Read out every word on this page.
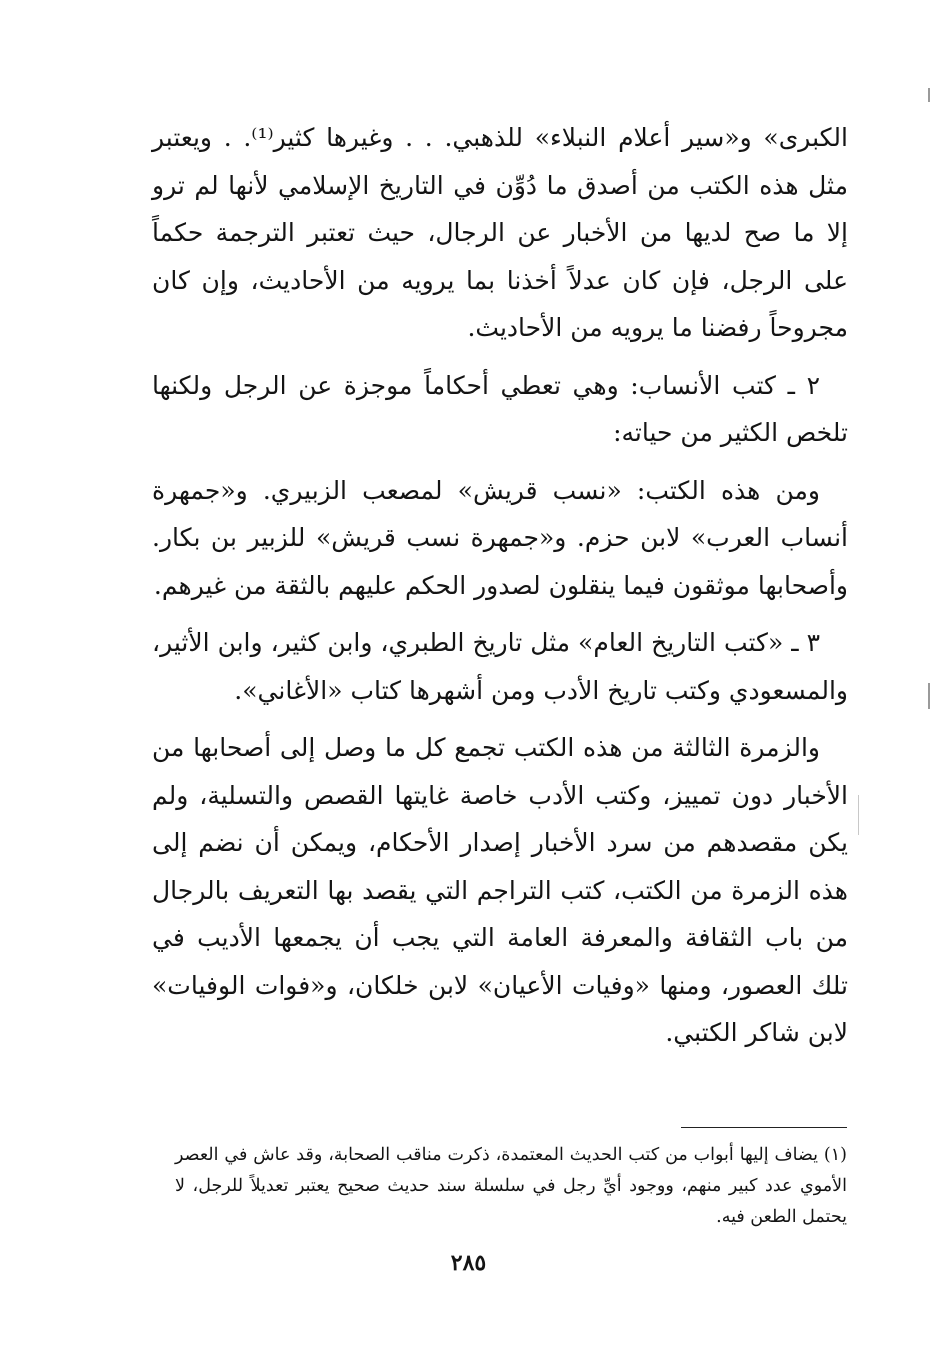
الكبرى» و«سير أعلام النبلاء» للذهبي. . . وغيرها كثير⁽¹⁾. . ويعتبر مثل هذه الكتب من أصدق ما دُوِّن في التاريخ الإسلامي لأنها لم ترو إلا ما صح لديها من الأخبار عن الرجال، حيث تعتبر الترجمة حكماً على الرجل، فإن كان عدلاً أخذنا بما يرويه من الأحاديث، وإن كان مجروحاً رفضنا ما يرويه من الأحاديث.

٢ ـ كتب الأنساب: وهي تعطي أحكاماً موجزة عن الرجل ولكنها تلخص الكثير من حياته:

ومن هذه الكتب: «نسب قريش» لمصعب الزبيري. و«جمهرة أنساب العرب» لابن حزم. و«جمهرة نسب قريش» للزبير بن بكار. وأصحابها موثقون فيما ينقلون لصدور الحكم عليهم بالثقة من غيرهم.

٣ ـ «كتب التاريخ العام» مثل تاريخ الطبري، وابن كثير، وابن الأثير، والمسعودي وكتب تاريخ الأدب ومن أشهرها كتاب «الأغاني».

والزمرة الثالثة من هذه الكتب تجمع كل ما وصل إلى أصحابها من الأخبار دون تمييز، وكتب الأدب خاصة غايتها القصص والتسلية، ولم يكن مقصدهم من سرد الأخبار إصدار الأحكام، ويمكن أن نضم إلى هذه الزمرة من الكتب، كتب التراجم التي يقصد بها التعريف بالرجال من باب الثقافة والمعرفة العامة التي يجب أن يجمعها الأديب في تلك العصور، ومنها «وفيات الأعيان» لابن خلكان، و«فوات الوفيات» لابن شاكر الكتبي.

(١) يضاف إليها أبواب من كتب الحديث المعتمدة، ذكرت مناقب الصحابة، وقد عاش في العصر الأموي عدد كبير منهم، ووجود أيِّ رجل في سلسلة سند حديث صحيح يعتبر تعديلاً للرجل، لا يحتمل الطعن فيه.

٢٨٥
